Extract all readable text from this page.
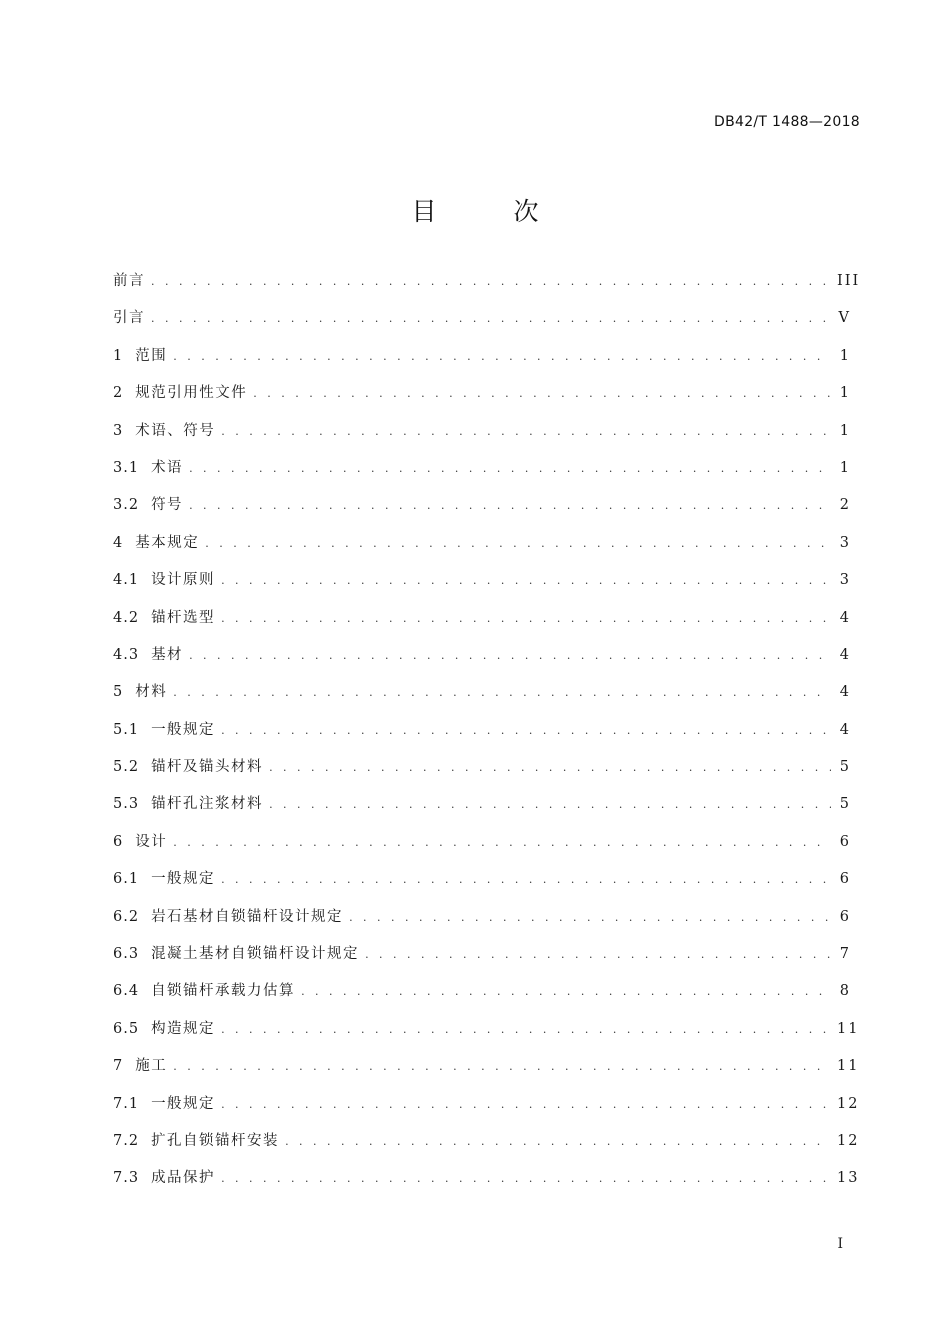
DB42/T 1488—2018
目　次
前言 . . .	III
引言 . . .	V
1 范围 . . .	1
2 规范引用性文件 . . .	1
3 术语、符号 . . .	1
3.1 术语 . . .	1
3.2 符号 . . .	2
4 基本规定 . . .	3
4.1 设计原则 . . .	3
4.2 锚杆选型 . . .	4
4.3 基材 . . .	4
5 材料 . . .	4
5.1 一般规定 . . .	4
5.2 锚杆及锚头材料 . . .	5
5.3 锚杆孔注浆材料 . . .	5
6 设计 . . .	6
6.1 一般规定 . . .	6
6.2 岩石基材自锁锚杆设计规定 . . .	6
6.3 混凝土基材自锁锚杆设计规定 . . .	7
6.4 自锁锚杆承载力估算 . . .	8
6.5 构造规定 . . .	11
7 施工 . . .	11
7.1 一般规定 . . .	12
7.2 扩孔自锁锚杆安装 . . .	12
7.3 成品保护 . . .	13
I
